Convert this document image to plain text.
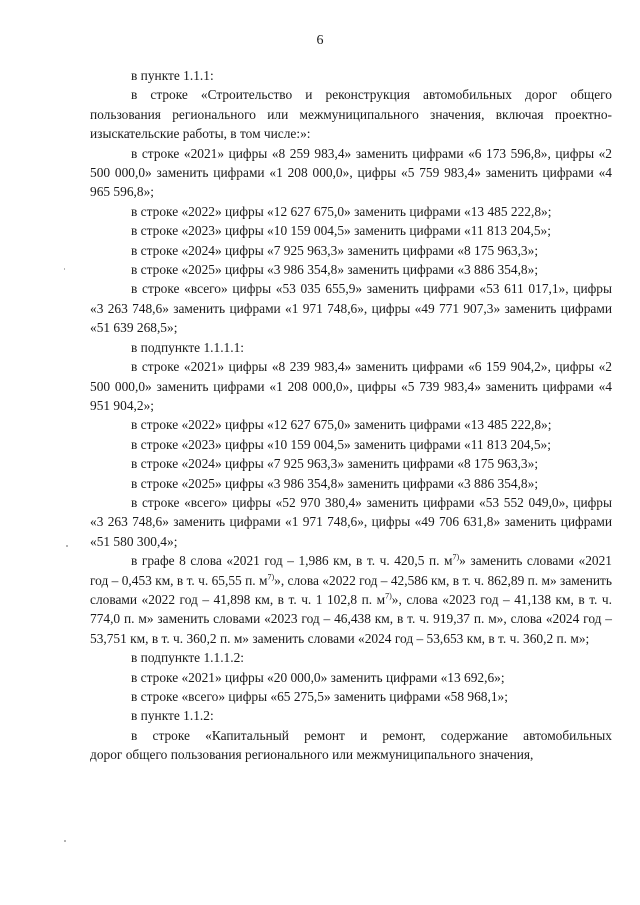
6

в пункте 1.1.1:

в строке «Строительство и реконструкция автомобильных дорог общего пользования регионального или межмуниципального значения, включая проектно-изыскательские работы, в том числе:»:

в строке «2021» цифры «8 259 983,4» заменить цифрами «6 173 596,8», цифры «2 500 000,0» заменить цифрами «1 208 000,0», цифры «5 759 983,4» заменить цифрами «4 965 596,8»;

в строке «2022» цифры «12 627 675,0» заменить цифрами «13 485 222,8»;

в строке «2023» цифры «10 159 004,5» заменить цифрами «11 813 204,5»;

в строке «2024» цифры «7 925 963,3» заменить цифрами «8 175 963,3»;

в строке «2025» цифры «3 986 354,8» заменить цифрами «3 886 354,8»;

в строке «всего» цифры «53 035 655,9» заменить цифрами «53 611 017,1», цифры «3 263 748,6» заменить цифрами «1 971 748,6», цифры «49 771 907,3» заменить цифрами «51 639 268,5»;

в подпункте 1.1.1.1:

в строке «2021» цифры «8 239 983,4» заменить цифрами «6 159 904,2», цифры «2 500 000,0» заменить цифрами «1 208 000,0», цифры «5 739 983,4» заменить цифрами «4 951 904,2»;

в строке «2022» цифры «12 627 675,0» заменить цифрами «13 485 222,8»;

в строке «2023» цифры «10 159 004,5» заменить цифрами «11 813 204,5»;

в строке «2024» цифры «7 925 963,3» заменить цифрами «8 175 963,3»;

в строке «2025» цифры «3 986 354,8» заменить цифрами «3 886 354,8»;

в строке «всего» цифры «52 970 380,4» заменить цифрами «53 552 049,0», цифры «3 263 748,6» заменить цифрами «1 971 748,6», цифры «49 706 631,8» заменить цифрами «51 580 300,4»;

в графе 8 слова «2021 год – 1,986 км, в т. ч. 420,5 п. $м^{7)}$» заменить словами «2021 год – 0,453 км, в т. ч. 65,55 п. $м^{7)}$», слова «2022 год – 42,586 км, в т. ч. 862,89 п. м» заменить словами «2022 год – 41,898 км, в т. ч. 1 102,8 п. $м^{7)}$», слова «2023 год – 41,138 км, в т. ч. 774,0 п. м» заменить словами «2023 год – 46,438 км, в т. ч. 919,37 п. м», слова «2024 год – 53,751 км, в т. ч. 360,2 п. м» заменить словами «2024 год – 53,653 км, в т. ч. 360,2 п. м»;

в подпункте 1.1.1.2:

в строке «2021» цифры «20 000,0» заменить цифрами «13 692,6»;

в строке «всего» цифры «65 275,5» заменить цифрами «58 968,1»;

в пункте 1.1.2:

в строке «Капитальный ремонт и ремонт, содержание автомобильных

дорог общего пользования регионального или межмуниципального значения,
